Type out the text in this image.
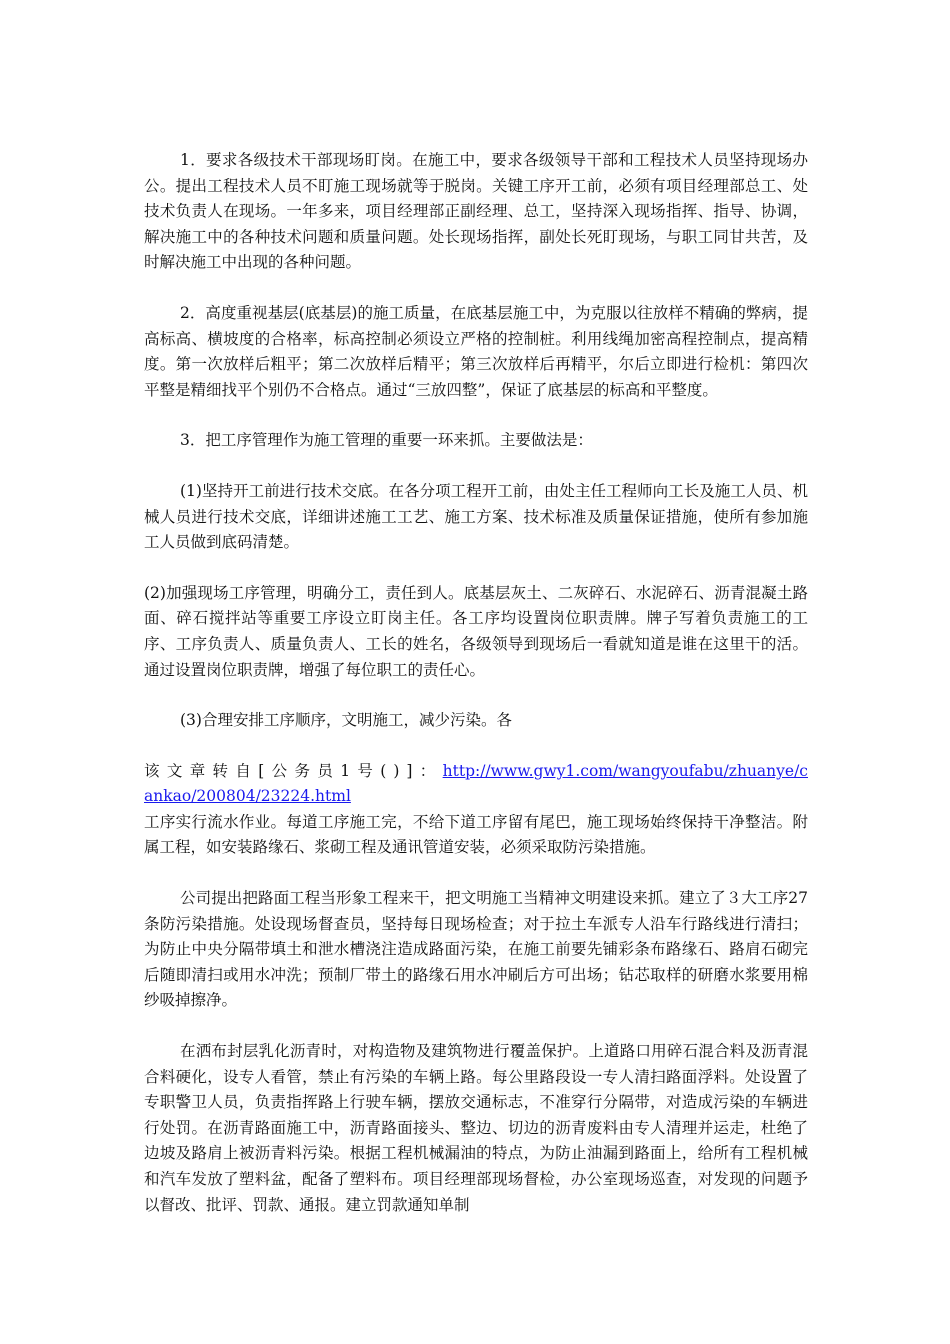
1．要求各级技术干部现场盯岗。在施工中，要求各级领导干部和工程技术人员坚持现场办公。提出工程技术人员不盯施工现场就等于脱岗。关键工序开工前，必须有项目经理部总工、处技术负责人在现场。一年多来，项目经理部正副经理、总工，坚持深入现场指挥、指导、协调，解决施工中的各种技术问题和质量问题。处长现场指挥，副处长死盯现场，与职工同甘共苦，及时解决施工中出现的各种问题。

2．高度重视基层(底基层)的施工质量，在底基层施工中，为克服以往放样不精确的弊病，提高标高、横坡度的合格率，标高控制必须设立严格的控制桩。利用线绳加密高程控制点，提高精度。第一次放样后粗平；第二次放样后精平；第三次放样后再精平，尔后立即进行检机：第四次平整是精细找平个别仍不合格点。通过“三放四整”，保证了底基层的标高和平整度。

3．把工序管理作为施工管理的重要一环来抓。主要做法是：

(1)坚持开工前进行技术交底。在各分项工程开工前，由处主任工程师向工长及施工人员、机械人员进行技术交底，详细讲述施工工艺、施工方案、技术标准及质量保证措施，使所有参加施工人员做到底码清楚。

(2)加强现场工序管理，明确分工，责任到人。底基层灰土、二灰碎石、水泥碎石、沥青混凝土路面、碎石搅拌站等重要工序设立盯岗主任。各工序均设置岗位职责牌。牌子写着负责施工的工序、工序负责人、质量负责人、工长的姓名，各级领导到现场后一看就知道是谁在这里干的活。通过设置岗位职责牌，增强了每位职工的责任心。

(3)合理安排工序顺序，文明施工，减少污染。各

该文章转自[公务员1号()]：http://www.gwy1.com/wangyoufabu/zhuanye/cankao/200804/23224.html

工序实行流水作业。每道工序施工完，不给下道工序留有尾巴，施工现场始终保持干净整洁。附属工程，如安装路缘石、浆砌工程及通讯管道安装，必须采取防污染措施。

公司提出把路面工程当形象工程来干，把文明施工当精神文明建设来抓。建立了３大工序27条防污染措施。处设现场督查员，坚持每日现场检查；对于拉土车派专人沿车行路线进行清扫；为防止中央分隔带填土和泄水槽浇注造成路面污染，在施工前要先铺彩条布路缘石、路肩石砌完后随即清扫或用水冲洗；预制厂带土的路缘石用水冲刷后方可出场；钻芯取样的研磨水浆要用棉纱吸掉擦净。

在洒布封层乳化沥青时，对构造物及建筑物进行覆盖保护。上道路口用碎石混合料及沥青混合料硬化，设专人看管，禁止有污染的车辆上路。每公里路段设一专人清扫路面浮料。处设置了专职警卫人员，负责指挥路上行驶车辆，摆放交通标志，不准穿行分隔带，对造成污染的车辆进行处罚。在沥青路面施工中，沥青路面接头、整边、切边的沥青废料由专人清理并运走，杜绝了边坡及路肩上被沥青料污染。根据工程机械漏油的特点，为防止油漏到路面上，给所有工程机械和汽车发放了塑料盆，配备了塑料布。项目经理部现场督检，办公室现场巡查，对发现的问题予以督改、批评、罚款、通报。建立罚款通知单制
